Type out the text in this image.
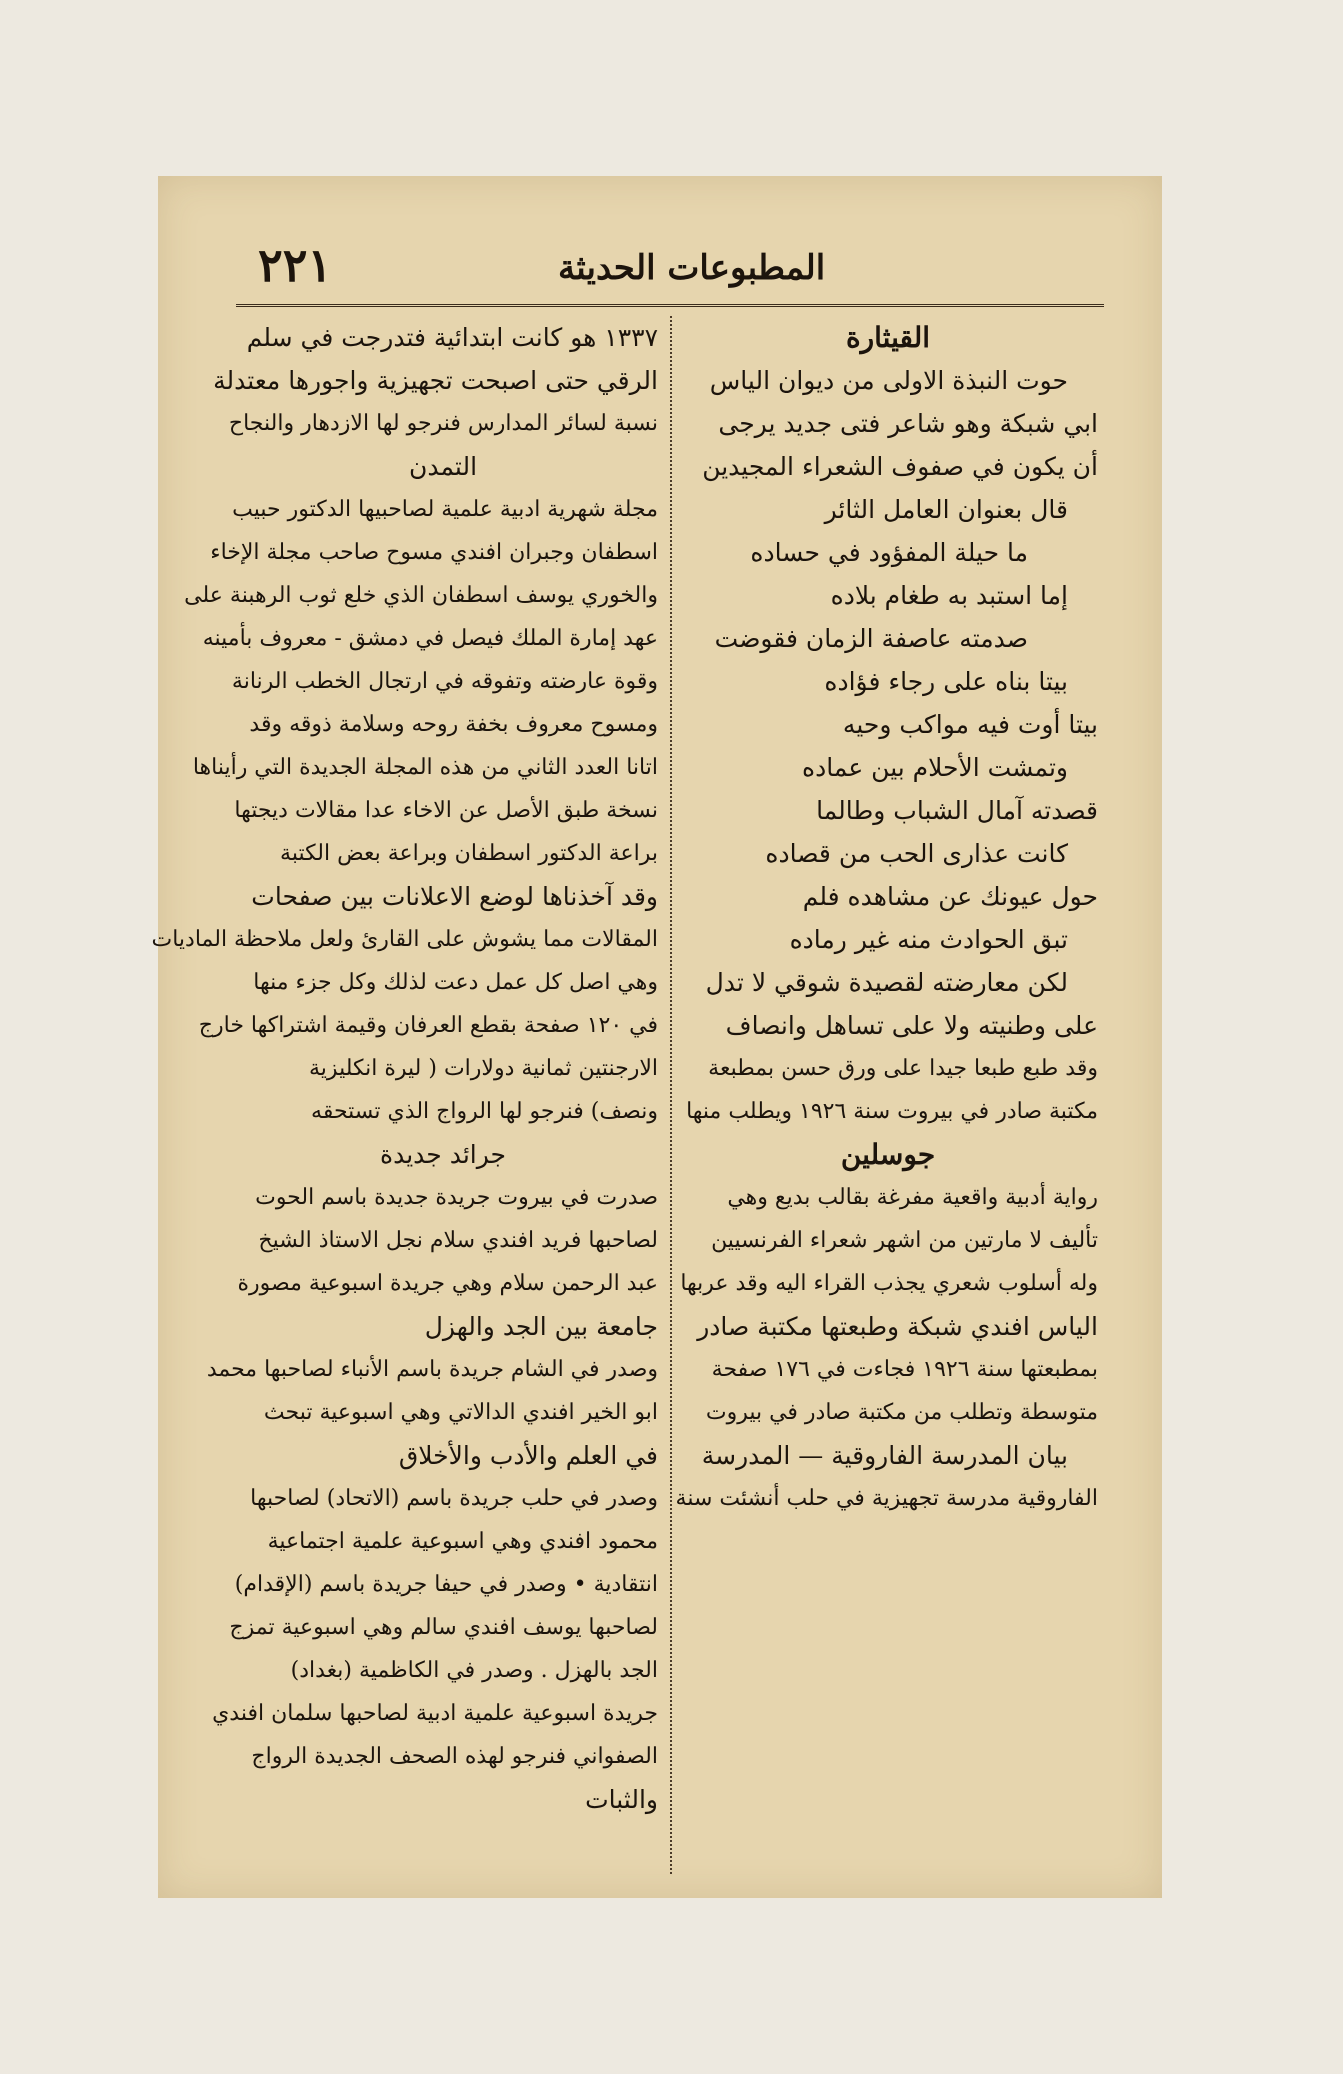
٢٢١	المطبوعات الحديثة
القيثارة
حوت النبذة الاولى من ديوان الياس
ابي شبكة وهو شاعر فتى جديد يرجى
أن يكون في صفوف الشعراء المجيدين
قال بعنوان العامل الثائر
ما حيلة المفؤود في حساده
إما استبد به طغام بلاده
صدمته عاصفة الزمان فقوضت
بيتا بناه على رجاء فؤاده
بيتا أوت فيه مواكب وحيه
وتمشت الأحلام بين عماده
قصدته آمال الشباب وطالما
كانت عذارى الحب من قصاده
حول عيونك عن مشاهده فلم
تبق الحوادث منه غير رماده
لكن معارضته لقصيدة شوقي لا تدل
على وطنيته ولا على تساهل وانصاف
وقد طبع طبعا جيدا على ورق حسن بمطبعة
مكتبة صادر في بيروت سنة ١٩٢٦ ويطلب منها
جوسلين
رواية أدبية واقعية مفرغة بقالب بديع وهي
تأليف لا مارتين من اشهر شعراء الفرنسيين
وله أسلوب شعري يجذب القراء اليه وقد عربها
الياس افندي شبكة وطبعتها مكتبة صادر
بمطبعتها سنة ١٩٢٦ فجاءت في ١٧٦ صفحة
متوسطة وتطلب من مكتبة صادر في بيروت
بيان المدرسة الفاروقية — المدرسة
الفاروقية مدرسة تجهيزية في حلب أنشئت سنة
١٣٣٧ هو كانت ابتدائية فتدرجت في سلم
الرقي حتى اصبحت تجهيزية واجورها معتدلة
نسبة لسائر المدارس فنرجو لها الازدهار والنجاح
التمدن
مجلة شهرية ادبية علمية لصاحبيها الدكتور حبيب
اسطفان وجبران افندي مسوح صاحب مجلة الإخاء
والخوري يوسف اسطفان الذي خلع ثوب الرهبنة على
عهد إمارة الملك فيصل في دمشق - معروف بأمينه
وقوة عارضته وتفوقه في ارتجال الخطب الرنانة
ومسوح معروف بخفة روحه وسلامة ذوقه وقد
اتانا العدد الثاني من هذه المجلة الجديدة التي رأيناها
نسخة طبق الأصل عن الاخاء عدا مقالات ديجتها
براعة الدكتور اسطفان وبراعة بعض الكتبة
وقد آخذناها لوضع الاعلانات بين صفحات
المقالات مما يشوش على القارئ ولعل ملاحظة الماديات
وهي اصل كل عمل دعت لذلك وكل جزء منها
في ١٢٠ صفحة بقطع العرفان وقيمة اشتراكها خارج
الارجنتين ثمانية دولارات ( ليرة انكليزية
ونصف) فنرجو لها الرواج الذي تستحقه
جرائد جديدة
صدرت في بيروت جريدة جديدة باسم الحوت
لصاحبها فريد افندي سلام نجل الاستاذ الشيخ
عبد الرحمن سلام وهي جريدة اسبوعية مصورة
جامعة بين الجد والهزل
وصدر في الشام جريدة باسم الأنباء لصاحبها محمد
ابو الخير افندي الدالاتي وهي اسبوعية تبحث
في العلم والأدب والأخلاق
وصدر في حلب جريدة باسم (الاتحاد) لصاحبها
محمود افندي وهي اسبوعية علمية اجتماعية
انتقادية • وصدر في حيفا جريدة باسم (الإقدام)
لصاحبها يوسف افندي سالم وهي اسبوعية تمزج
الجد بالهزل . وصدر في الكاظمية (بغداد)
جريدة اسبوعية علمية ادبية لصاحبها سلمان افندي
الصفواني فنرجو لهذه الصحف الجديدة الرواج
والثبات
